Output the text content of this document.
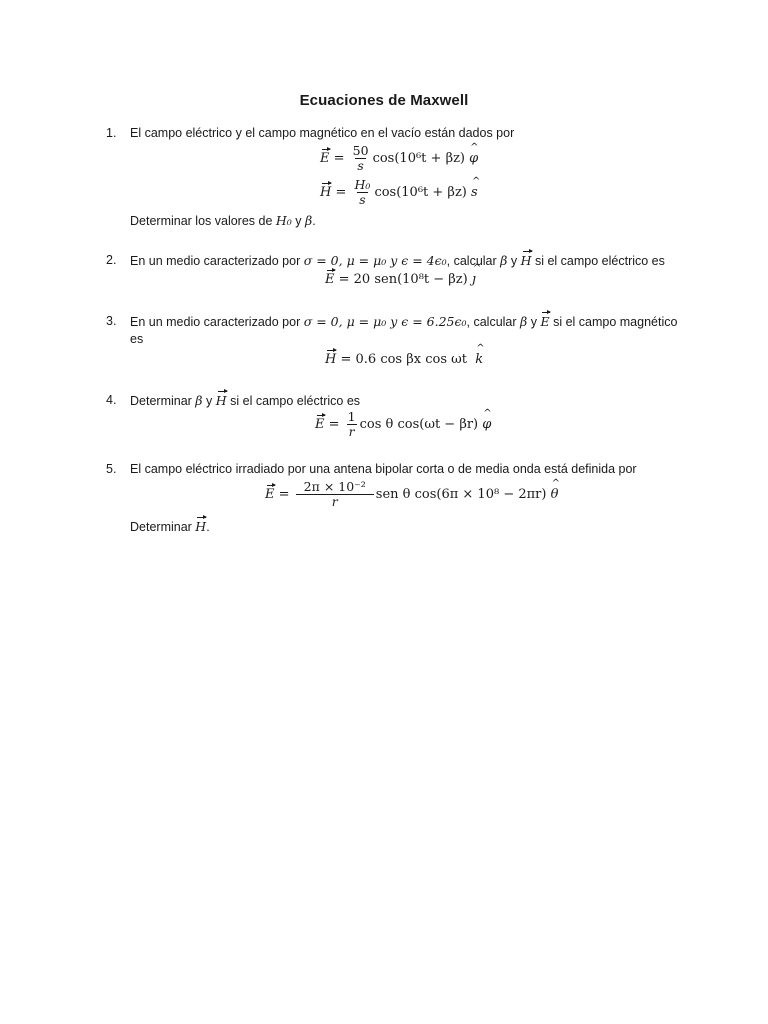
Ecuaciones de Maxwell
1. El campo eléctrico y el campo magnético en el vacío están dados por
$E = \frac{50}{s} \cos(10^6t + \beta z)$
^ φ
$H = \frac{\text{H₀}}{s} \cos(10^6t + \beta z)$
^ s
Determinar los valores de H₀ y β.
2. En un medio caracterizado por σ = 0, μ = μ₀ y ϵ = 4ϵ₀, calcular β y H si el campo eléctrico es
E
= 20 sen(10⁸t − βz)
^ ȷ
3. En un medio caracterizado por σ = 0, μ = μ₀ y ϵ = 6.25ϵ₀, calcular β y E si el campo magnético
es
H
= 0.6 cos βx cos ωt
^ k
4. Determinar β y H si el campo eléctrico es
$E = \frac{1}{r}$ cos θ cos(ωt − βr)
^ φ
5. El campo eléctrico irradiado por una antena bipolar corta o de media onda está definida por
$E = \frac{\text{2π × 10⁻²}}{r}$ sen θ cos(6π × 10⁸ − 2πr)
^ θ
Determinar H.
